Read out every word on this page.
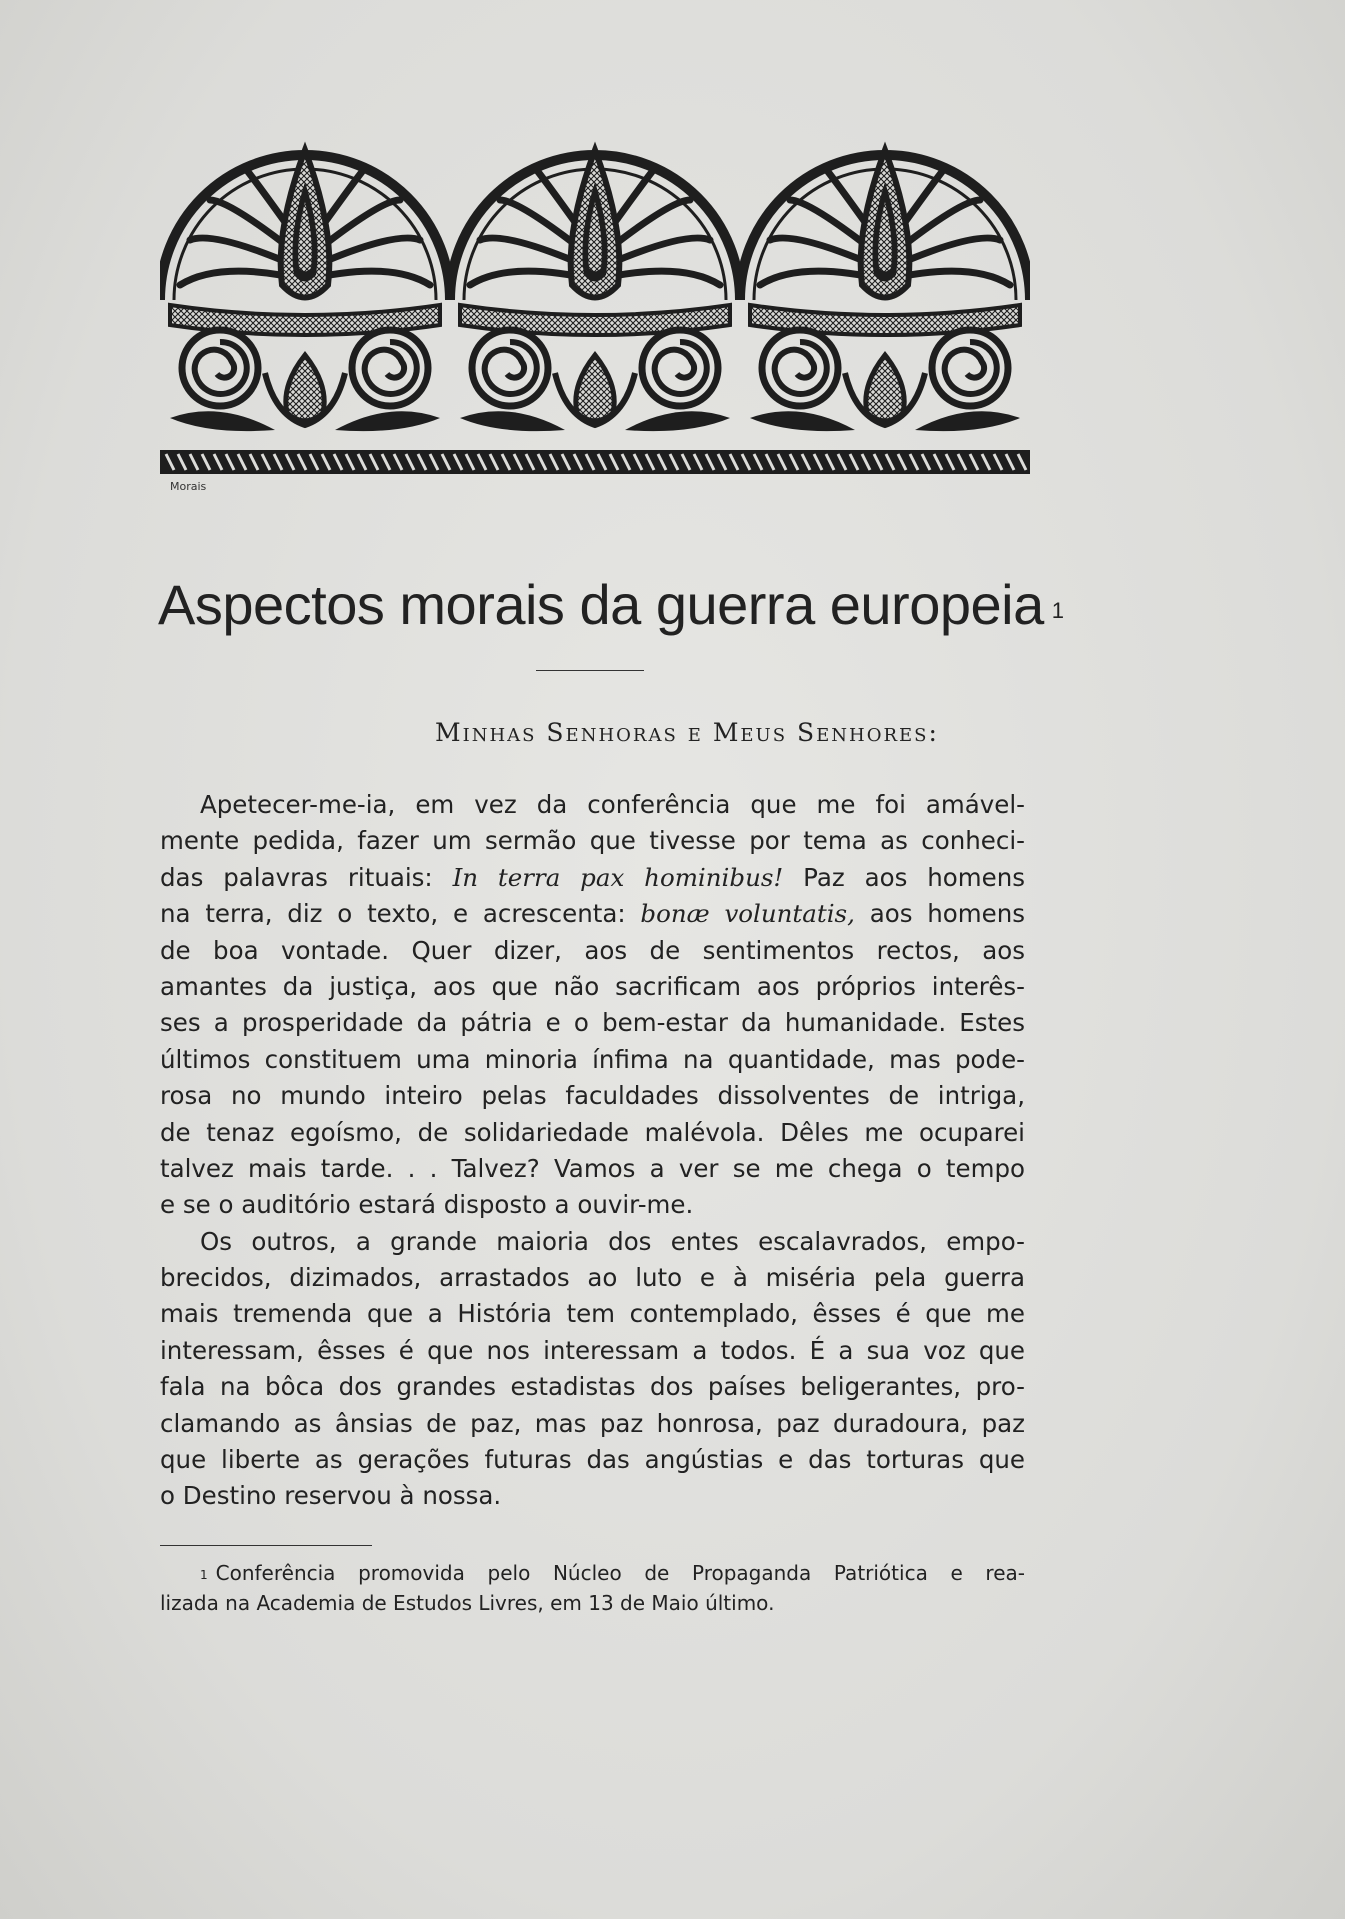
Morais
Aspectos morais da guerra europeia $^1$
Minhas Senhoras e Meus Senhores:
Apetecer-me-ia, em vez da conferência que me foi amável-
mente pedida, fazer um sermão que tivesse por tema as conheci-
das palavras rituais: In terra pax hominibus! Paz aos homens
na terra, diz o texto, e acrescenta: bonæ voluntatis, aos homens
de boa vontade. Quer dizer, aos de sentimentos rectos, aos
amantes da justiça, aos que não sacrificam aos próprios interês-
ses a prosperidade da pátria e o bem-estar da humanidade. Estes
últimos constituem uma minoria ínfima na quantidade, mas pode-
rosa no mundo inteiro pelas faculdades dissolventes de intriga,
de tenaz egoísmo, de solidariedade malévola. Dêles me ocuparei
talvez mais tarde. . . Talvez? Vamos a ver se me chega o tempo
e se o auditório estará disposto a ouvir-me.
Os outros, a grande maioria dos entes escalavrados, empo-
brecidos, dizimados, arrastados ao luto e à miséria pela guerra
mais tremenda que a História tem contemplado, êsses é que me
interessam, êsses é que nos interessam a todos. É a sua voz que
fala na bôca dos grandes estadistas dos países beligerantes, pro-
clamando as ânsias de paz, mas paz honrosa, paz duradoura, paz
que liberte as gerações futuras das angústias e das torturas que
o Destino reservou à nossa.
$^1$ Conferência promovida pelo Núcleo de Propaganda Patriótica e rea-
lizada na Academia de Estudos Livres, em 13 de Maio último.
